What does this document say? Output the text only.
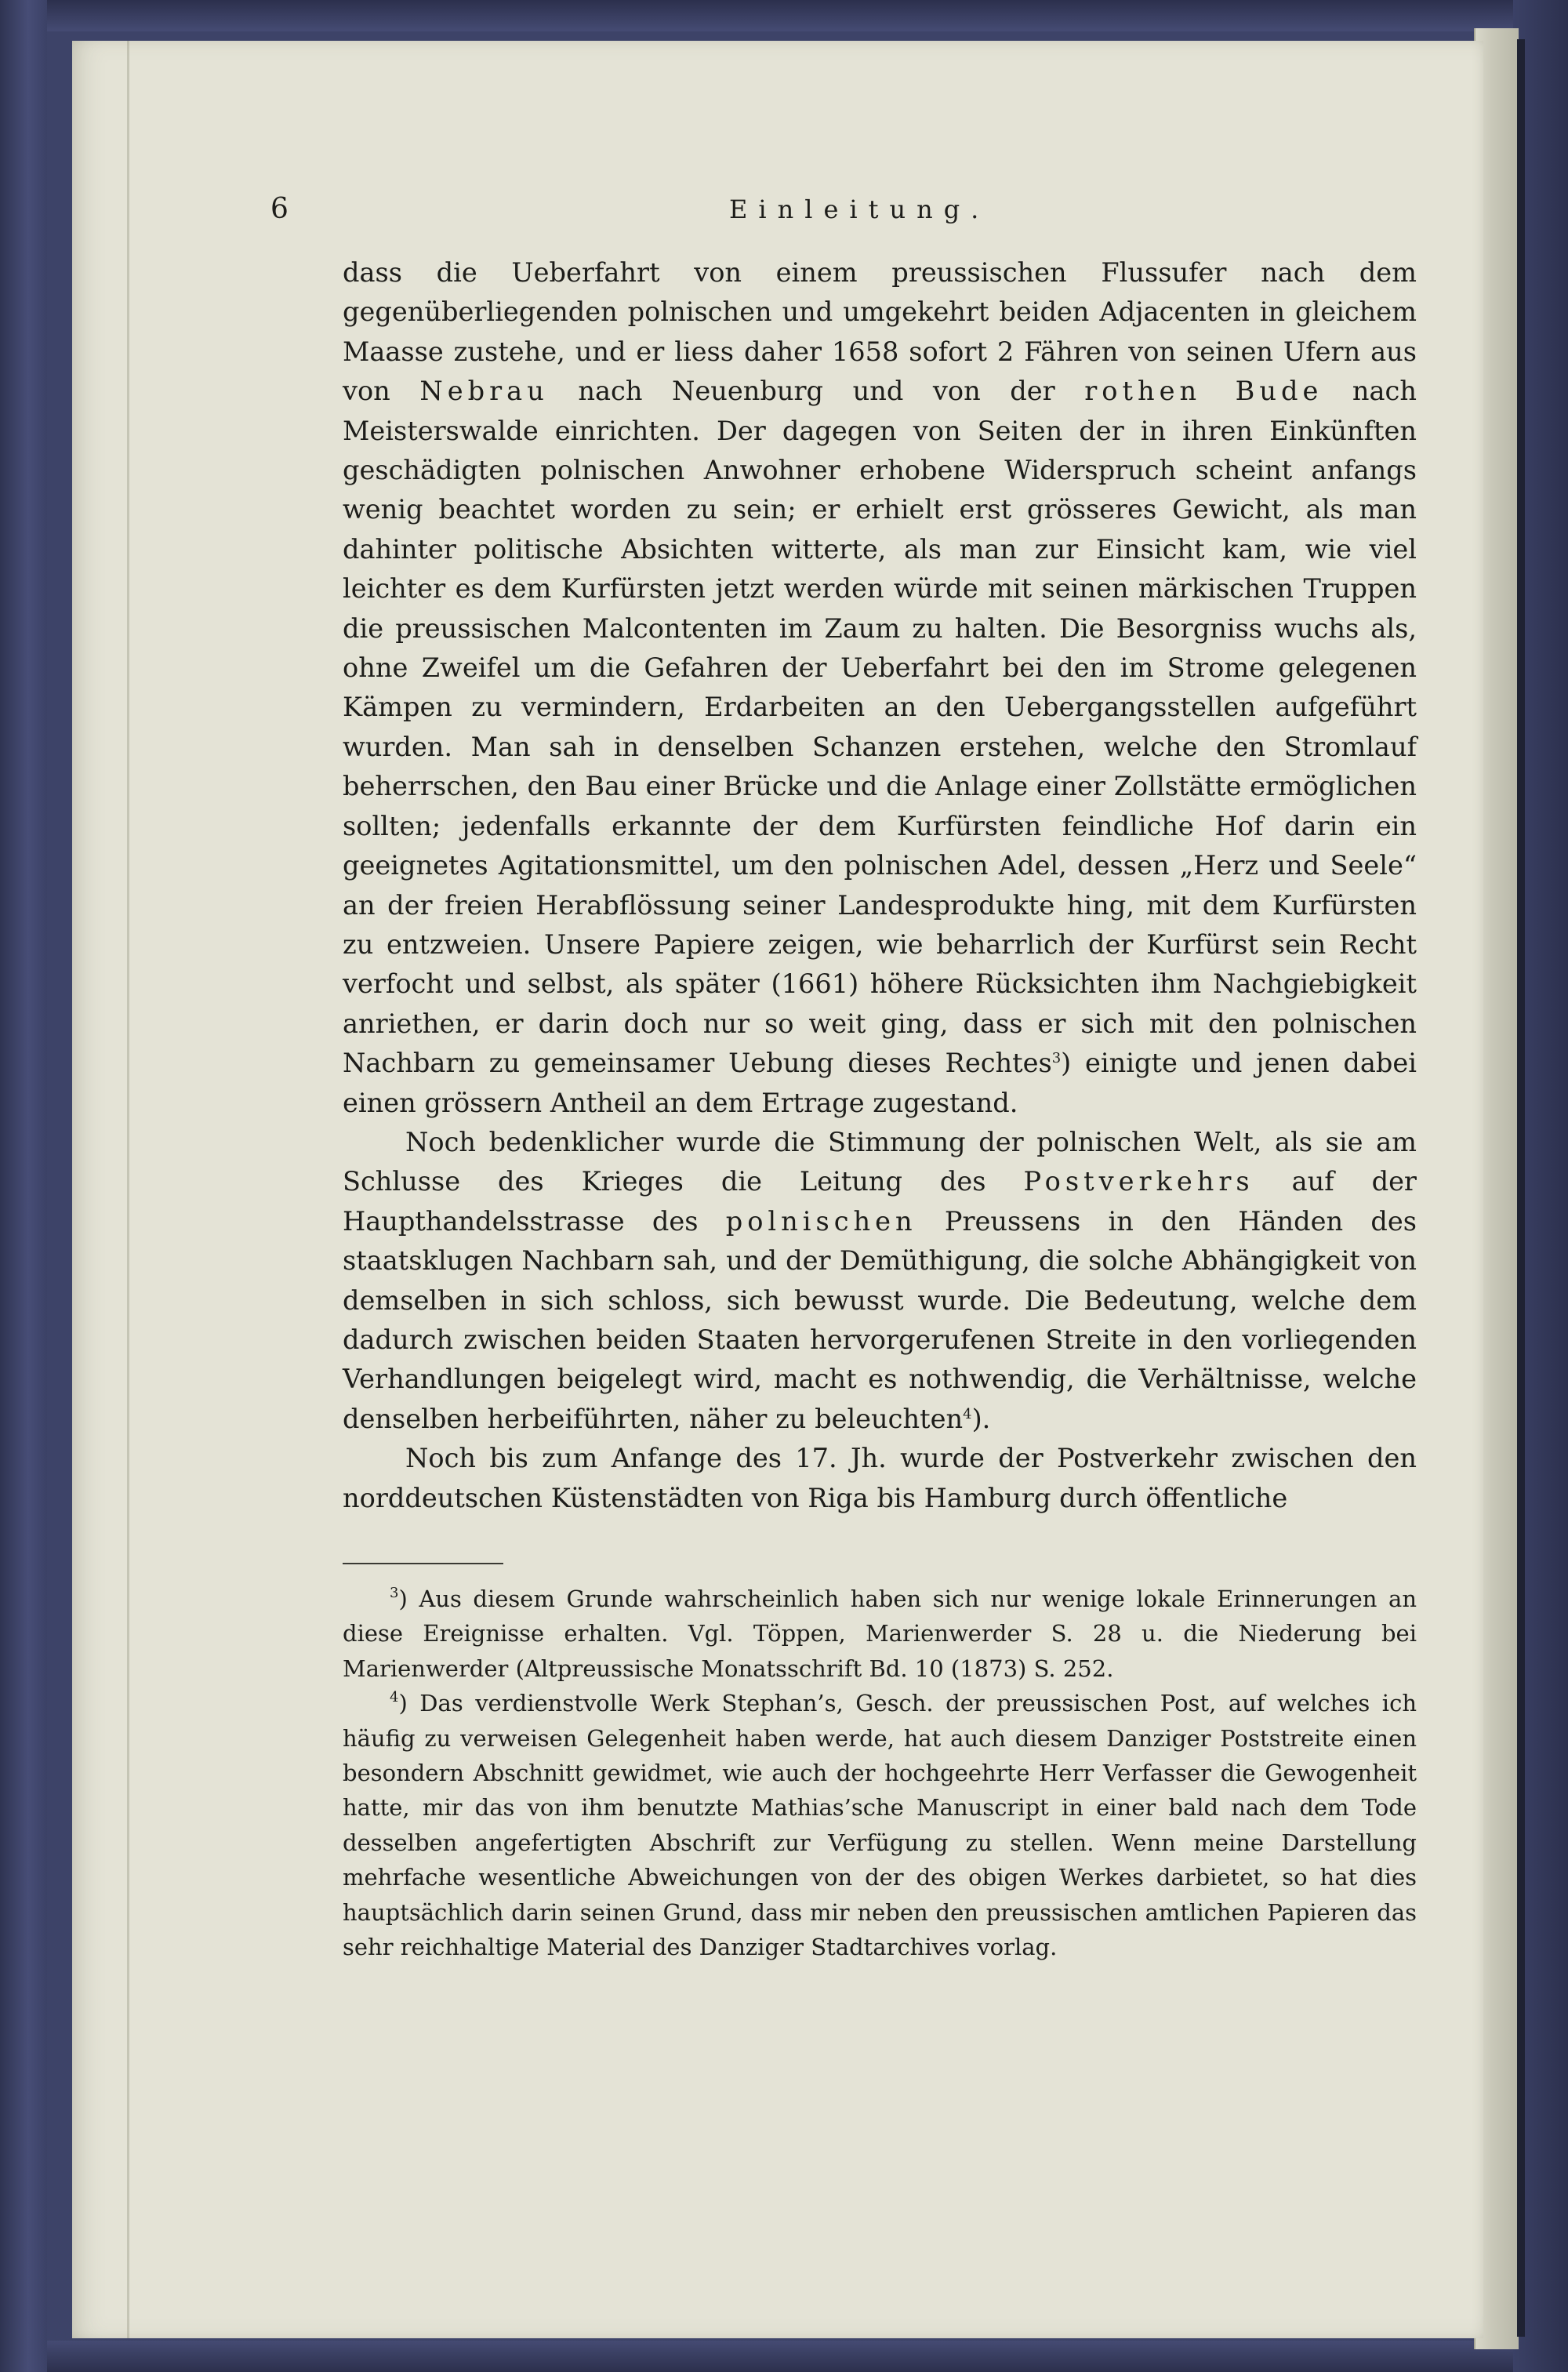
6	Einleitung.

dass die Ueberfahrt von einem preussischen Flussufer nach dem gegenüberliegenden polnischen und umgekehrt beiden Adjacenten in gleichem Maasse zustehe, und er liess daher 1658 sofort 2 Fähren von seinen Ufern aus von Nebrau nach Neuenburg und von der rothen Bude nach Meisterswalde einrichten. Der dagegen von Seiten der in ihren Einkünften geschädigten polnischen Anwohner erhobene Widerspruch scheint anfangs wenig beachtet worden zu sein; er erhielt erst grösseres Gewicht, als man dahinter politische Absichten witterte, als man zur Einsicht kam, wie viel leichter es dem Kurfürsten jetzt werden würde mit seinen märkischen Truppen die preussischen Malcontenten im Zaum zu halten. Die Besorgniss wuchs als, ohne Zweifel um die Gefahren der Ueberfahrt bei den im Strome gelegenen Kämpen zu vermindern, Erdarbeiten an den Uebergangsstellen aufgeführt wurden. Man sah in denselben Schanzen erstehen, welche den Stromlauf beherrschen, den Bau einer Brücke und die Anlage einer Zollstätte ermöglichen sollten; jedenfalls erkannte der dem Kurfürsten feindliche Hof darin ein geeignetes Agitationsmittel, um den polnischen Adel, dessen „Herz und Seele“ an der freien Herabflössung seiner Landesprodukte hing, mit dem Kurfürsten zu entzweien. Unsere Papiere zeigen, wie beharrlich der Kurfürst sein Recht verfocht und selbst, als später (1661) höhere Rücksichten ihm Nachgiebigkeit anriethen, er darin doch nur so weit ging, dass er sich mit den polnischen Nachbarn zu gemeinsamer Uebung dieses Rechtes$^3$) einigte und jenen dabei einen grössern Antheil an dem Ertrage zugestand.

Noch bedenklicher wurde die Stimmung der polnischen Welt, als sie am Schlusse des Krieges die Leitung des Postverkehrs auf der Haupthandelsstrasse des polnischen Preussens in den Händen des staatsklugen Nachbarn sah, und der Demüthigung, die solche Abhängigkeit von demselben in sich schloss, sich bewusst wurde. Die Bedeutung, welche dem dadurch zwischen beiden Staaten hervorgerufenen Streite in den vorliegenden Verhandlungen beigelegt wird, macht es nothwendig, die Verhältnisse, welche denselben herbeiführten, näher zu beleuchten$^4$).

Noch bis zum Anfange des 17. Jh. wurde der Postverkehr zwischen den norddeutschen Küstenstädten von Riga bis Hamburg durch öffentliche

$^3$) Aus diesem Grunde wahrscheinlich haben sich nur wenige lokale Erinnerungen an diese Ereignisse erhalten. Vgl. Töppen, Marienwerder S. 28 u. die Niederung bei Marienwerder (Altpreussische Monatsschrift Bd. 10 (1873) S. 252.

$^4$) Das verdienstvolle Werk Stephan’s, Gesch. der preussischen Post, auf welches ich häufig zu verweisen Gelegenheit haben werde, hat auch diesem Danziger Poststreite einen besondern Abschnitt gewidmet, wie auch der hochgeehrte Herr Verfasser die Gewogenheit hatte, mir das von ihm benutzte Mathias’sche Manuscript in einer bald nach dem Tode desselben angefertigten Abschrift zur Verfügung zu stellen. Wenn meine Darstellung mehrfache wesentliche Abweichungen von der des obigen Werkes darbietet, so hat dies hauptsächlich darin seinen Grund, dass mir neben den preussischen amtlichen Papieren das sehr reichhaltige Material des Danziger Stadtarchives vorlag.
